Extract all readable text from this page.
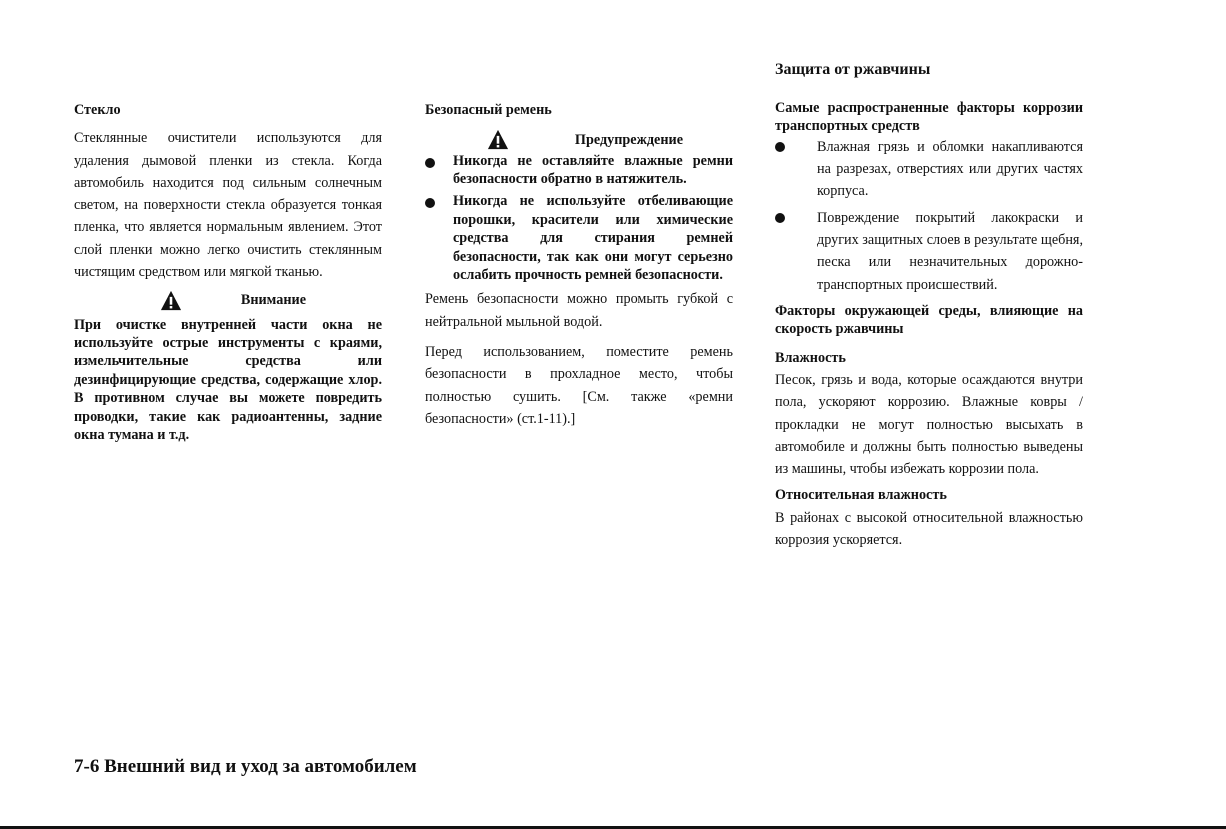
Защита от ржавчины

Стекло

Стеклянные очистители используются для удаления дымовой пленки из стекла. Когда автомобиль находится под сильным солнечным светом, на поверхности стекла образуется тонкая пленка, что является нормальным явлением. Этот слой пленки можно легко очистить стеклянным чистящим средством или мягкой тканью.

Внимание

При очистке внутренней части окна не используйте острые инструменты с краями, измельчительные средства или дезинфицирующие средства, содержащие хлор. В противном случае вы можете повредить проводки, такие как радиоантенны, задние окна тумана и т.д.

Безопасный ремень

Предупреждение
Никогда не оставляйте влажные ремни безопасности обратно в натяжитель.
Никогда не используйте отбеливающие порошки, красители или химические средства для стирания ремней безопасности, так как они могут серьезно ослабить прочность ремней безопасности.

Ремень безопасности можно промыть губкой с нейтральной мыльной водой.

Перед использованием, поместите ремень безопасности в прохладное место, чтобы полностью сушить. [См. также «ремни безопасности» (ст.1-11).]

Самые распространенные факторы коррозии транспортных средств

Влажная грязь и обломки накапливаются на разрезах, отверстиях или других частях корпуса.
Повреждение покрытий лакокраски и других защитных слоев в результате щебня, песка или незначительных дорожно-транспортных происшествий.

Факторы окружающей среды, влияющие на скорость ржавчины

Влажность

Песок, грязь и вода, которые осаждаются внутри пола, ускоряют коррозию. Влажные ковры / прокладки не могут полностью высыхать в автомобиле и должны быть полностью выведены из машины, чтобы избежать коррозии пола.

Относительная влажность

В районах с высокой относительной влажностью коррозия ускоряется.

7-6 Внешний вид и уход за автомобилем
